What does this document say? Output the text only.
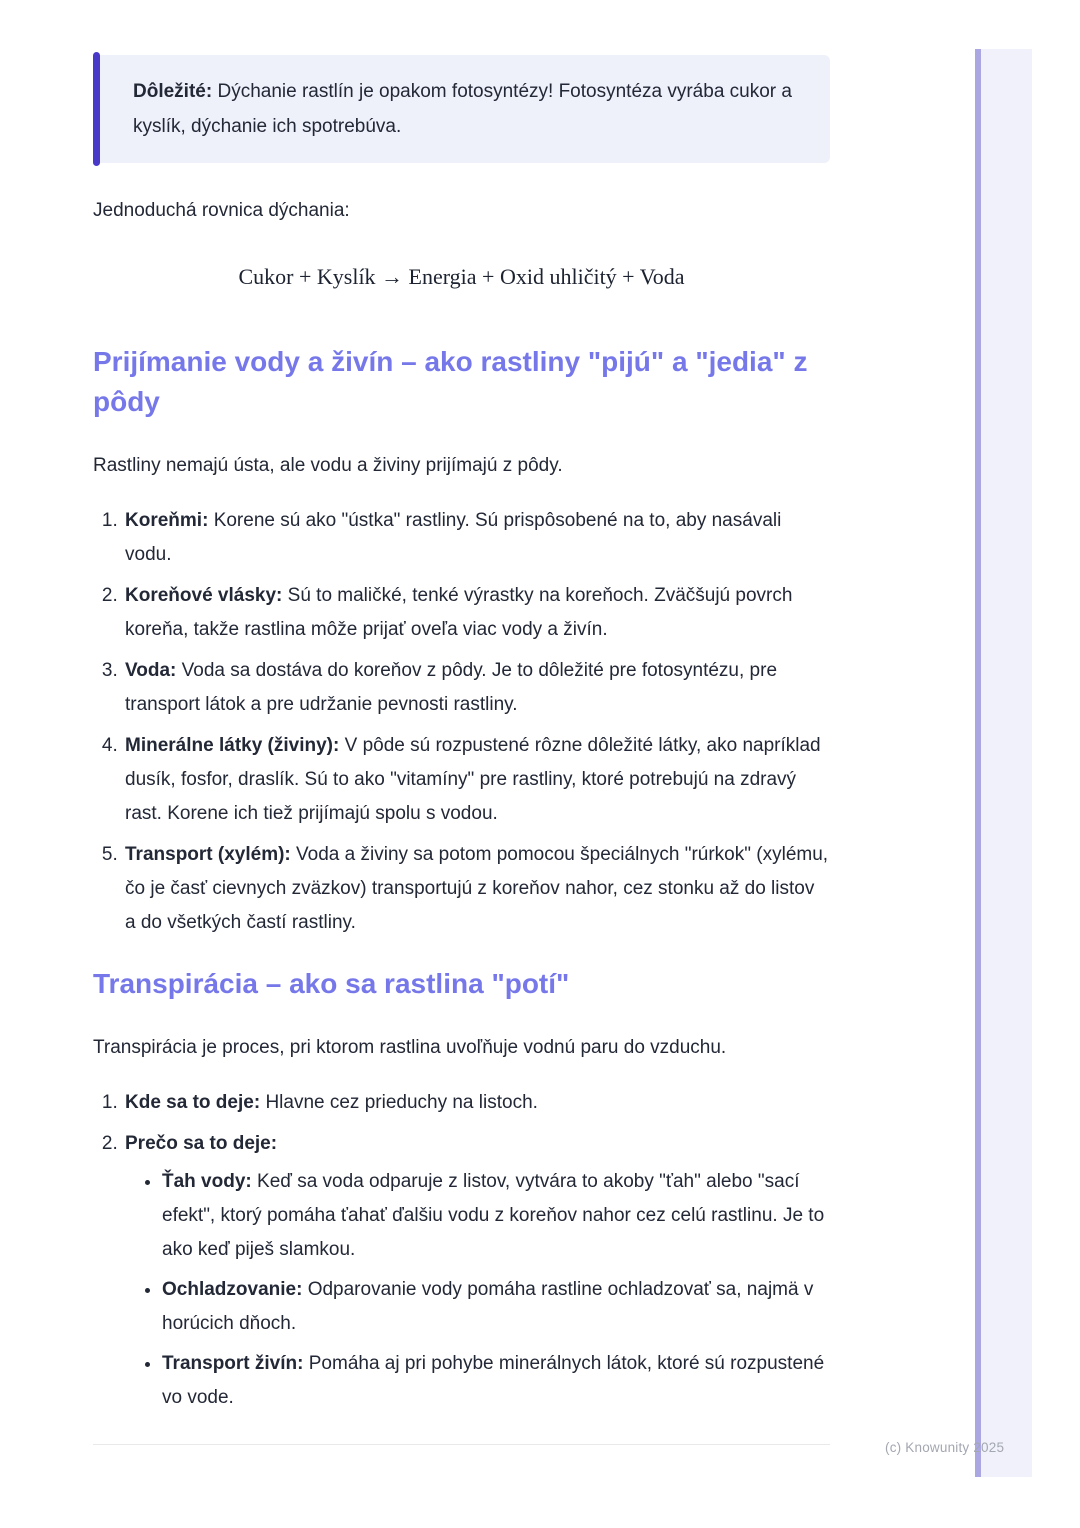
Dôležité: Dýchanie rastlín je opakom fotosyntézy! Fotosyntéza vyrába cukor a kyslík, dýchanie ich spotrebúva.

Jednoduchá rovnica dýchania:

Cukor + Kyslík → Energia + Oxid uhličitý + Voda
Prijímanie vody a živín – ako rastliny "pijú" a "jedia" z pôdy

Rastliny nemajú ústa, ale vodu a živiny prijímajú z pôdy.

1. Koreňmi: Korene sú ako "ústka" rastliny. Sú prispôsobené na to, aby nasávali vodu.
2. Koreňové vlásky: Sú to maličké, tenké výrastky na koreňoch. Zväčšujú povrch koreňa, takže rastlina môže prijať oveľa viac vody a živín.
3. Voda: Voda sa dostáva do koreňov z pôdy. Je to dôležité pre fotosyntézu, pre transport látok a pre udržanie pevnosti rastliny.
4. Minerálne látky (živiny): V pôde sú rozpustené rôzne dôležité látky, ako napríklad dusík, fosfor, draslík. Sú to ako "vitamíny" pre rastliny, ktoré potrebujú na zdravý rast. Korene ich tiež prijímajú spolu s vodou.
5. Transport (xylém): Voda a živiny sa potom pomocou špeciálnych "rúrkok" (xylému, čo je časť cievnych zväzkov) transportujú z koreňov nahor, cez stonku až do listov a do všetkých častí rastliny.
Transpirácia – ako sa rastlina "potí"

Transpirácia je proces, pri ktorom rastlina uvoľňuje vodnú paru do vzduchu.

1. Kde sa to deje: Hlavne cez prieduchy na listoch.
2. Prečo sa to deje:
• Ťah vody: Keď sa voda odparuje z listov, vytvára to akoby "ťah" alebo "sací efekt", ktorý pomáha ťahať ďalšiu vodu z koreňov nahor cez celú rastlinu. Je to ako keď piješ slamkou.
• Ochladzovanie: Odparovanie vody pomáha rastline ochladzovať sa, najmä v horúcich dňoch.
• Transport živín: Pomáha aj pri pohybe minerálnych látok, ktoré sú rozpustené vo vode.
(c) Knowunity 2025
